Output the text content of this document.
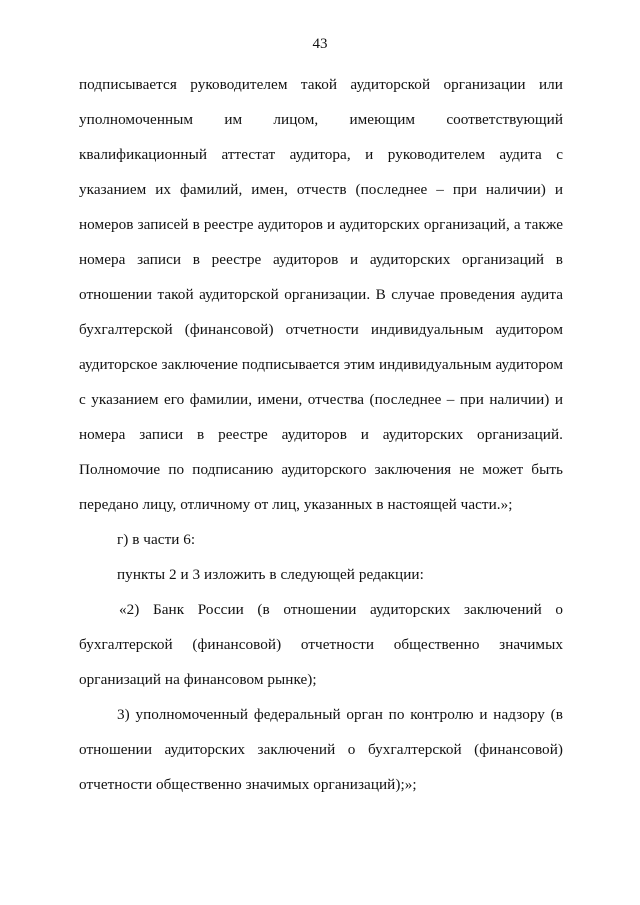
43
подписывается руководителем такой аудиторской организации или
уполномоченным им лицом, имеющим соответствующий
квалификационный аттестат аудитора, и руководителем аудита с
указанием их фамилий, имен, отчеств (последнее – при наличии) и
номеров записей в реестре аудиторов и аудиторских организаций, а также
номера записи в реестре аудиторов и аудиторских организаций в
отношении такой аудиторской организации. В случае проведения аудита
бухгалтерской (финансовой) отчетности индивидуальным аудитором
аудиторское заключение подписывается этим индивидуальным аудитором
с указанием его фамилии, имени, отчества (последнее – при наличии) и
номера записи в реестре аудиторов и аудиторских организаций.
Полномочие по подписанию аудиторского заключения не может быть
передано лицу, отличному от лиц, указанных в настоящей части.»;
г) в части 6:
пункты 2 и 3 изложить в следующей редакции:
«2) Банк России (в отношении аудиторских заключений о
бухгалтерской (финансовой) отчетности общественно значимых
организаций на финансовом рынке);
3) уполномоченный федеральный орган по контролю и надзору (в
отношении аудиторских заключений о бухгалтерской (финансовой)
отчетности общественно значимых организаций);»;
